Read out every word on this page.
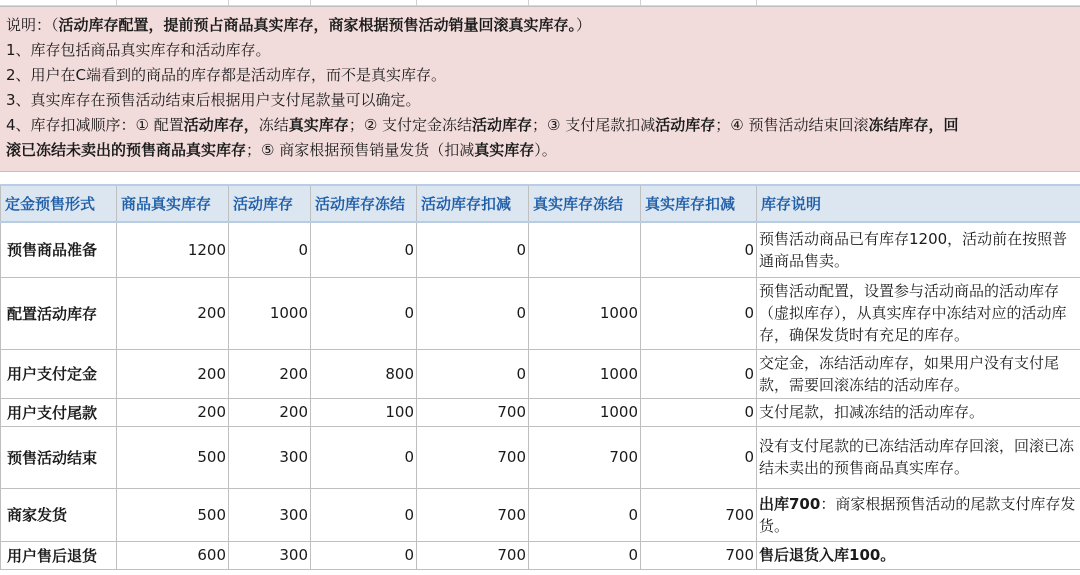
说明：（活动库存配置，提前预占商品真实库存，商家根据预售活动销量回滚真实库存。）
1、库存包括商品真实库存和活动库存。
2、用户在C端看到的商品的库存都是活动库存，而不是真实库存。
3、真实库存在预售活动结束后根据用户支付尾款量可以确定。
4、库存扣减顺序：① 配置活动库存，冻结真实库存；② 支付定金冻结活动库存；③ 支付尾款扣减活动库存；④ 预售活动结束回滚冻结库存，回
滚已冻结未卖出的预售商品真实库存；⑤ 商家根据预售销量发货（扣减真实库存）。
定金预售形式	商品真实库存	活动库存	活动库存冻结	活动库存扣减	真实库存冻结	真实库存扣减	库存说明
预售商品准备	1200	0	0	0		0	预售活动商品已有库存1200，活动前在按照普通商品售卖。
配置活动库存	200	1000	0	0	1000	0	预售活动配置，设置参与活动商品的活动库存（虚拟库存），从真实库存中冻结对应的活动库存，确保发货时有充足的库存。
用户支付定金	200	200	800	0	1000	0	交定金，冻结活动库存，如果用户没有支付尾款，需要回滚冻结的活动库存。
用户支付尾款	200	200	100	700	1000	0	支付尾款，扣减冻结的活动库存。
预售活动结束	500	300	0	700	700	0	没有支付尾款的已冻结活动库存回滚，回滚已冻结未卖出的预售商品真实库存。
商家发货	500	300	0	700	0	700	出库700：商家根据预售活动的尾款支付库存发货。
用户售后退货	600	300	0	700	0	700	售后退货入库100。
